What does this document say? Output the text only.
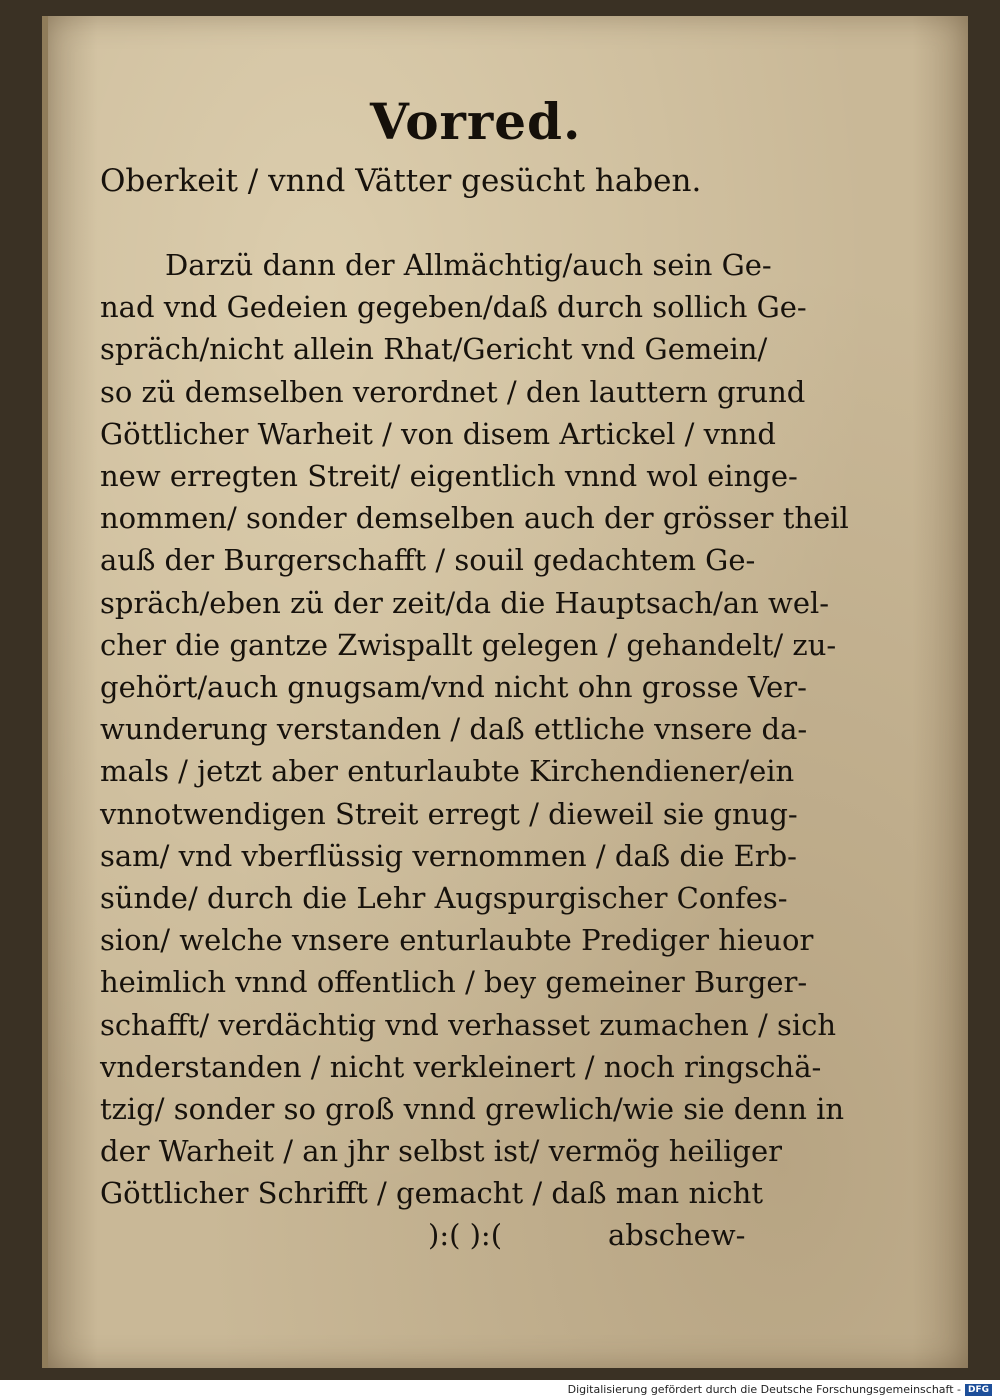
Vorred.
Oberkeit / vnnd Vätter gesücht haben.
Darzü dann der Allmächtig/auch sein Ge-
nad vnd Gedeien gegeben/daß durch sollich Ge-
spräch/nicht allein Rhat/Gericht vnd Gemein/
so zü demselben verordnet / den lauttern grund
Göttlicher Warheit / von disem Artickel / vnnd
new erregten Streit/ eigentlich vnnd wol einge-
nommen/ sonder demselben auch der grösser theil
auß der Burgerschafft / souil gedachtem Ge-
spräch/eben zü der zeit/da die Hauptsach/an wel-
cher die gantze Zwispallt gelegen / gehandelt/ zu-
gehört/auch gnugsam/vnd nicht ohn grosse Ver-
wunderung verstanden / daß ettliche vnsere da-
mals / jetzt aber enturlaubte Kirchendiener/ein
vnnotwendigen Streit erregt / dieweil sie gnug-
sam/ vnd vberflüssig vernommen / daß die Erb-
sünde/ durch die Lehr Augspurgischer Confes-
sion/ welche vnsere enturlaubte Prediger hieuor
heimlich vnnd offentlich / bey gemeiner Burger-
schafft/ verdächtig vnd verhasset zumachen / sich
vnderstanden / nicht verkleinert / noch ringschä-
tzig/ sonder so groß vnnd grewlich/wie sie denn in
der Warheit / an jhr selbst ist/ vermög heiliger
Göttlicher Schrifft / gemacht / daß man nicht
):( ):(	abschew-
Digitalisierung gefördert durch die Deutsche Forschungsgemeinschaft - DFG
